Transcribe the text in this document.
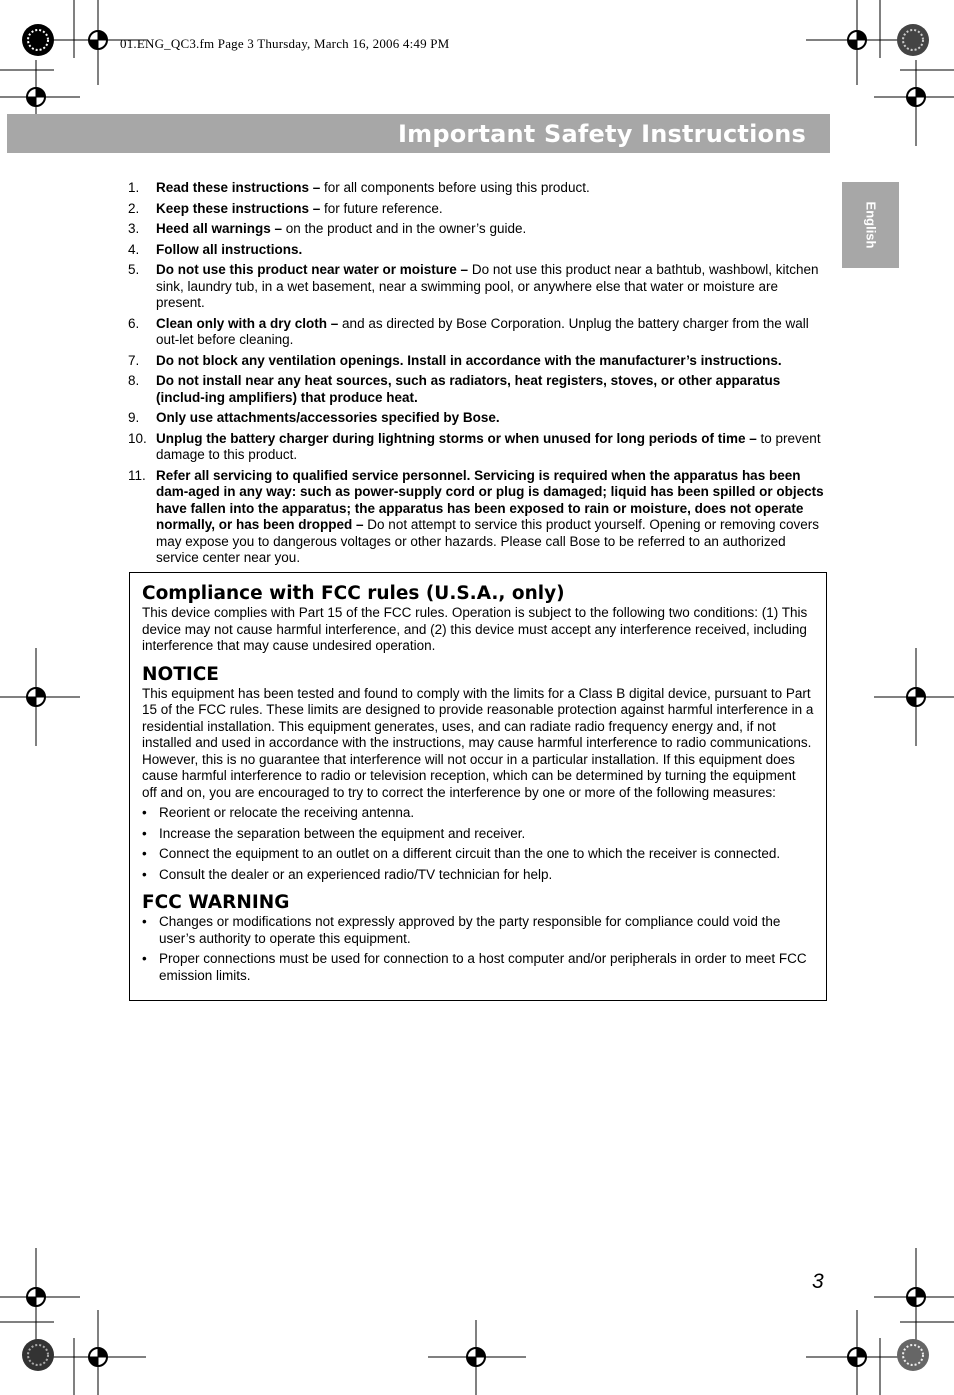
01.ENG_QC3.fm Page 3 Thursday, March 16, 2006 4:49 PM
Important Safety Instructions
English
1. Read these instructions – for all components before using this product.
2. Keep these instructions – for future reference.
3. Heed all warnings – on the product and in the owner’s guide.
4. Follow all instructions.
5. Do not use this product near water or moisture – Do not use this product near a bathtub, washbowl, kitchen sink, laundry tub, in a wet basement, near a swimming pool, or anywhere else that water or moisture are present.
6. Clean only with a dry cloth – and as directed by Bose Corporation. Unplug the battery charger from the wall out-let before cleaning.
7. Do not block any ventilation openings. Install in accordance with the manufacturer’s instructions.
8. Do not install near any heat sources, such as radiators, heat registers, stoves, or other apparatus (includ-ing amplifiers) that produce heat.
9. Only use attachments/accessories specified by Bose.
10. Unplug the battery charger during lightning storms or when unused for long periods of time – to prevent damage to this product.
11. Refer all servicing to qualified service personnel. Servicing is required when the apparatus has been dam-aged in any way: such as power-supply cord or plug is damaged; liquid has been spilled or objects have fallen into the apparatus; the apparatus has been exposed to rain or moisture, does not operate normally, or has been dropped – Do not attempt to service this product yourself. Opening or removing covers may expose you to dangerous voltages or other hazards. Please call Bose to be referred to an authorized service center near you.
Compliance with FCC rules (U.S.A., only)

This device complies with Part 15 of the FCC rules. Operation is subject to the following two conditions: (1) This device may not cause harmful interference, and (2) this device must accept any interference received, including interference that may cause undesired operation.

NOTICE

This equipment has been tested and found to comply with the limits for a Class B digital device, pursuant to Part 15 of the FCC rules. These limits are designed to provide reasonable protection against harmful interference in a residential installation. This equipment generates, uses, and can radiate radio frequency energy and, if not installed and used in accordance with the instructions, may cause harmful interference to radio communications. However, this is no guarantee that interference will not occur in a particular installation. If this equipment does cause harmful interference to radio or television reception, which can be determined by turning the equipment off and on, you are encouraged to try to correct the interference by one or more of the following measures:

• Reorient or relocate the receiving antenna.
• Increase the separation between the equipment and receiver.
• Connect the equipment to an outlet on a different circuit than the one to which the receiver is connected.
• Consult the dealer or an experienced radio/TV technician for help.
FCC WARNING
• Changes or modifications not expressly approved by the party responsible for compliance could void the user’s authority to operate this equipment.
• Proper connections must be used for connection to a host computer and/or peripherals in order to meet FCC emission limits.
3
